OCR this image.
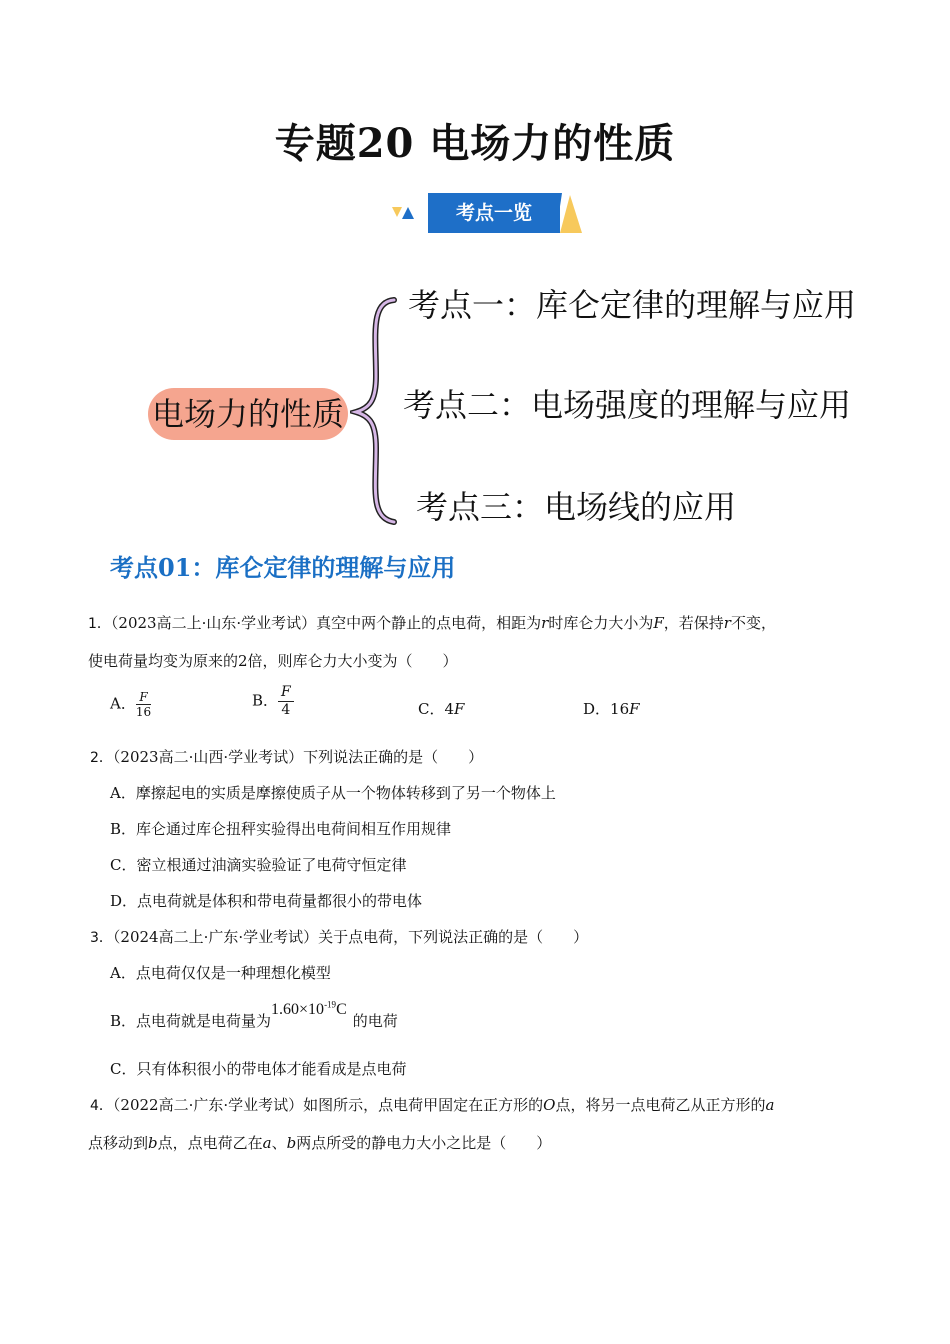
专题20 电场力的性质
考点一览
电场力的性质
考点一：库仑定律的理解与应用
考点二：电场强度的理解与应用
考点三：电场线的应用
考点01：库仑定律的理解与应用
1．（2023高二上·山东·学业考试）真空中两个静止的点电荷，相距为r时库仑力大小为F，若保持r不变，
使电荷量均变为原来的2倍，则库仑力大小变为（　　）
A． $\frac{F}{16}$	B． $\frac{F}{4}$	C．4F	D．16F
2．（2023高二·山西·学业考试）下列说法正确的是（　　）
A．摩擦起电的实质是摩擦使质子从一个物体转移到了另一个物体上
B．库仑通过库仑扭秤实验得出电荷间相互作用规律
C．密立根通过油滴实验验证了电荷守恒定律
D．点电荷就是体积和带电荷量都很小的带电体
3．（2024高二上·广东·学业考试）关于点电荷，下列说法正确的是（　　）
A．点电荷仅仅是一种理想化模型
B．点电荷就是电荷量为$1.60\times 10^{-19}C$的电荷
C．只有体积很小的带电体才能看成是点电荷
4．（2022高二·广东·学业考试）如图所示，点电荷甲固定在正方形的O点，将另一点电荷乙从正方形的a
点移动到b点，点电荷乙在a、b两点所受的静电力大小之比是（　　）
